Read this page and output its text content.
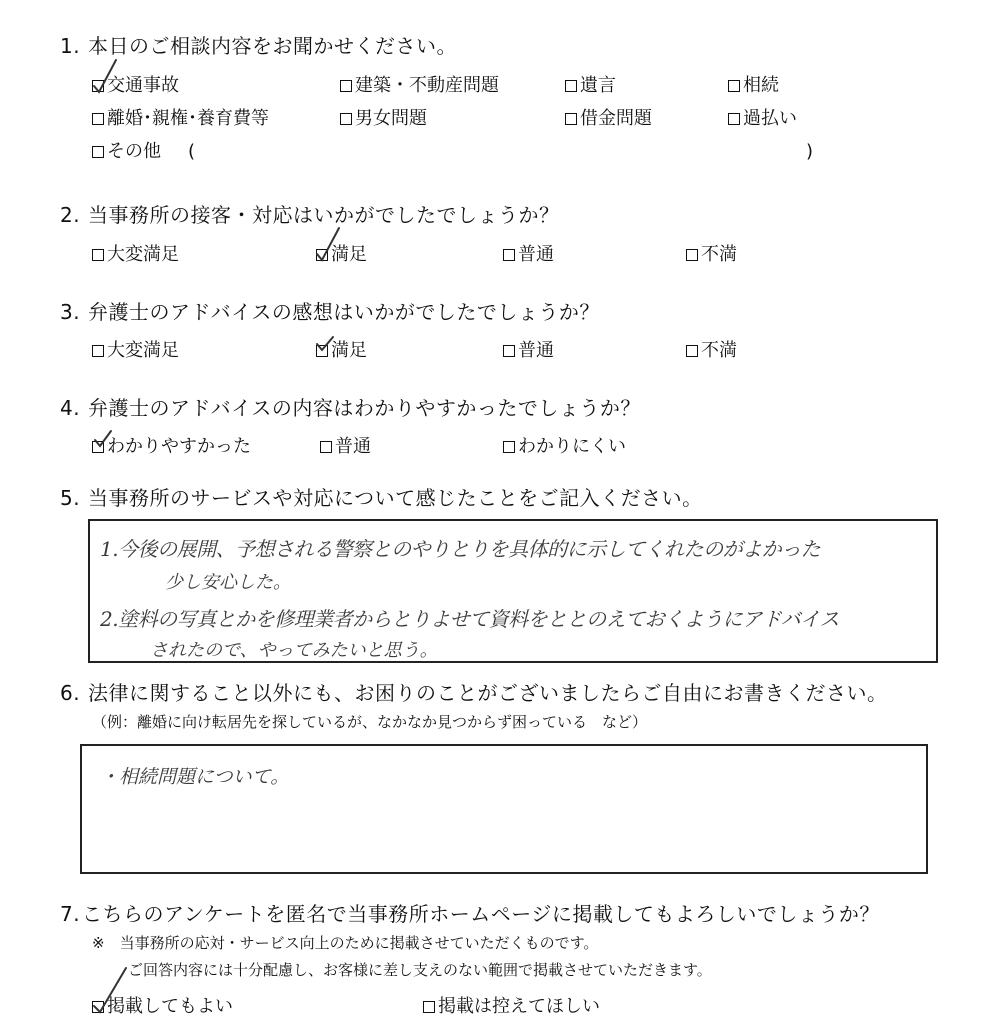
1. 本日のご相談内容をお聞かせください。
交通事故	建築・不動産問題	遺言	相続
離婚･親権･養育費等	男女問題	借金問題	過払い
その他 (	)
2. 当事務所の接客・対応はいかがでしたでしょうか？
大変満足	満足	普通	不満
3. 弁護士のアドバイスの感想はいかがでしたでしょうか？
大変満足	満足	普通	不満
4. 弁護士のアドバイスの内容はわかりやすかったでしょうか？
わかりやすかった	普通	わかりにくい
5. 当事務所のサービスや対応について感じたことをご記入ください。
1.今後の展開、予想される警察とのやりとりを具体的に示してくれたのがよかった
少し安心した。
2.塗料の写真とかを修理業者からとりよせて資料をととのえておくようにアドバイス
されたので、やってみたいと思う。
6. 法律に関すること以外にも、お困りのことがございましたらご自由にお書きください。
（例：離婚に向け転居先を探しているが、なかなか見つからず困っている　など）
・相続問題について。
7.こちらのアンケートを匿名で当事務所ホームページに掲載してもよろしいでしょうか？
※　当事務所の応対・サービス向上のために掲載させていただくものです。
ご回答内容には十分配慮し、お客様に差し支えのない範囲で掲載させていただきます。
掲載してもよい	掲載は控えてほしい
